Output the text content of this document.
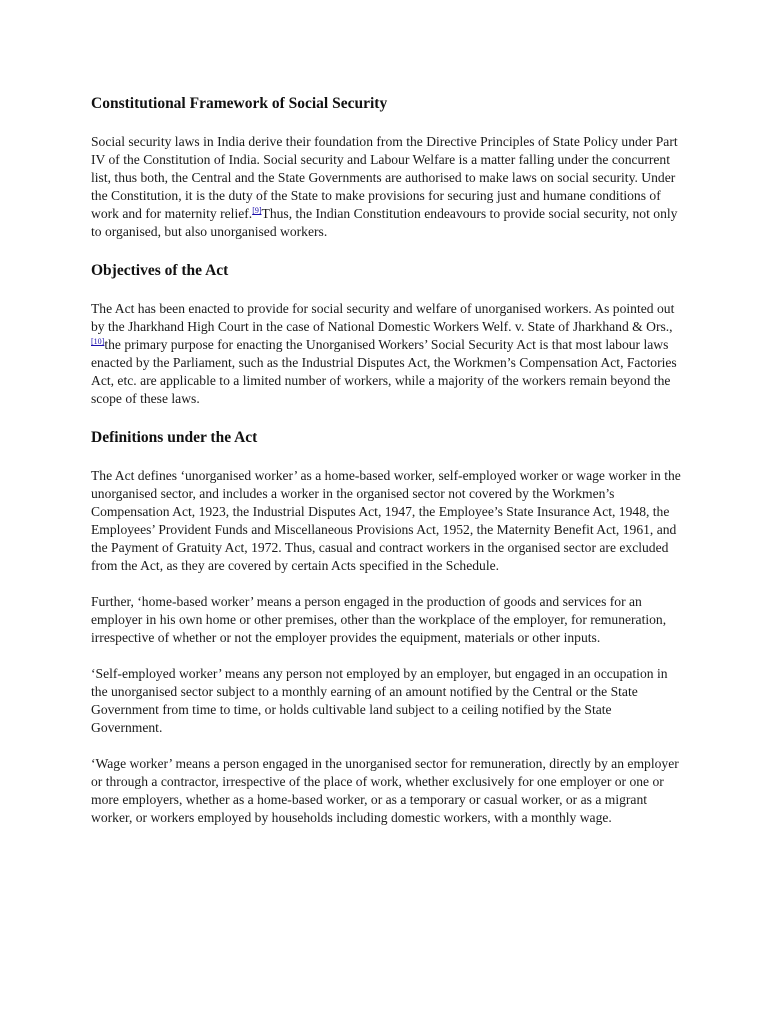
Constitutional Framework of Social Security

Social security laws in India derive their foundation from the Directive Principles of State Policy under Part IV of the Constitution of India. Social security and Labour Welfare is a matter falling under the concurrent list, thus both, the Central and the State Governments are authorised to make laws on social security. Under the Constitution, it is the duty of the State to make provisions for securing just and humane conditions of work and for maternity relief.[9]Thus, the Indian Constitution endeavours to provide social security, not only to organised, but also unorganised workers.

Objectives of the Act

The Act has been enacted to provide for social security and welfare of unorganised workers. As pointed out by the Jharkhand High Court in the case of National Domestic Workers Welf. v. State of Jharkhand & Ors.,[10]the primary purpose for enacting the Unorganised Workers’ Social Security Act is that most labour laws enacted by the Parliament, such as the Industrial Disputes Act, the Workmen’s Compensation Act, Factories Act, etc. are applicable to a limited number of workers, while a majority of the workers remain beyond the scope of these laws.

Definitions under the Act

The Act defines ‘unorganised worker’ as a home-based worker, self-employed worker or wage worker in the unorganised sector, and includes a worker in the organised sector not covered by the Workmen’s Compensation Act, 1923, the Industrial Disputes Act, 1947, the Employee’s State Insurance Act, 1948, the Employees’ Provident Funds and Miscellaneous Provisions Act, 1952, the Maternity Benefit Act, 1961, and the Payment of Gratuity Act, 1972. Thus, casual and contract workers in the organised sector are excluded from the Act, as they are covered by certain Acts specified in the Schedule.

Further, ‘home-based worker’ means a person engaged in the production of goods and services for an employer in his own home or other premises, other than the workplace of the employer, for remuneration, irrespective of whether or not the employer provides the equipment, materials or other inputs.

‘Self-employed worker’ means any person not employed by an employer, but engaged in an occupation in the unorganised sector subject to a monthly earning of an amount notified by the Central or the State Government from time to time, or holds cultivable land subject to a ceiling notified by the State Government.

‘Wage worker’ means a person engaged in the unorganised sector for remuneration, directly by an employer or through a contractor, irrespective of the place of work, whether exclusively for one employer or one or more employers, whether as a home-based worker, or as a temporary or casual worker, or as a migrant worker, or workers employed by households including domestic workers, with a monthly wage.
